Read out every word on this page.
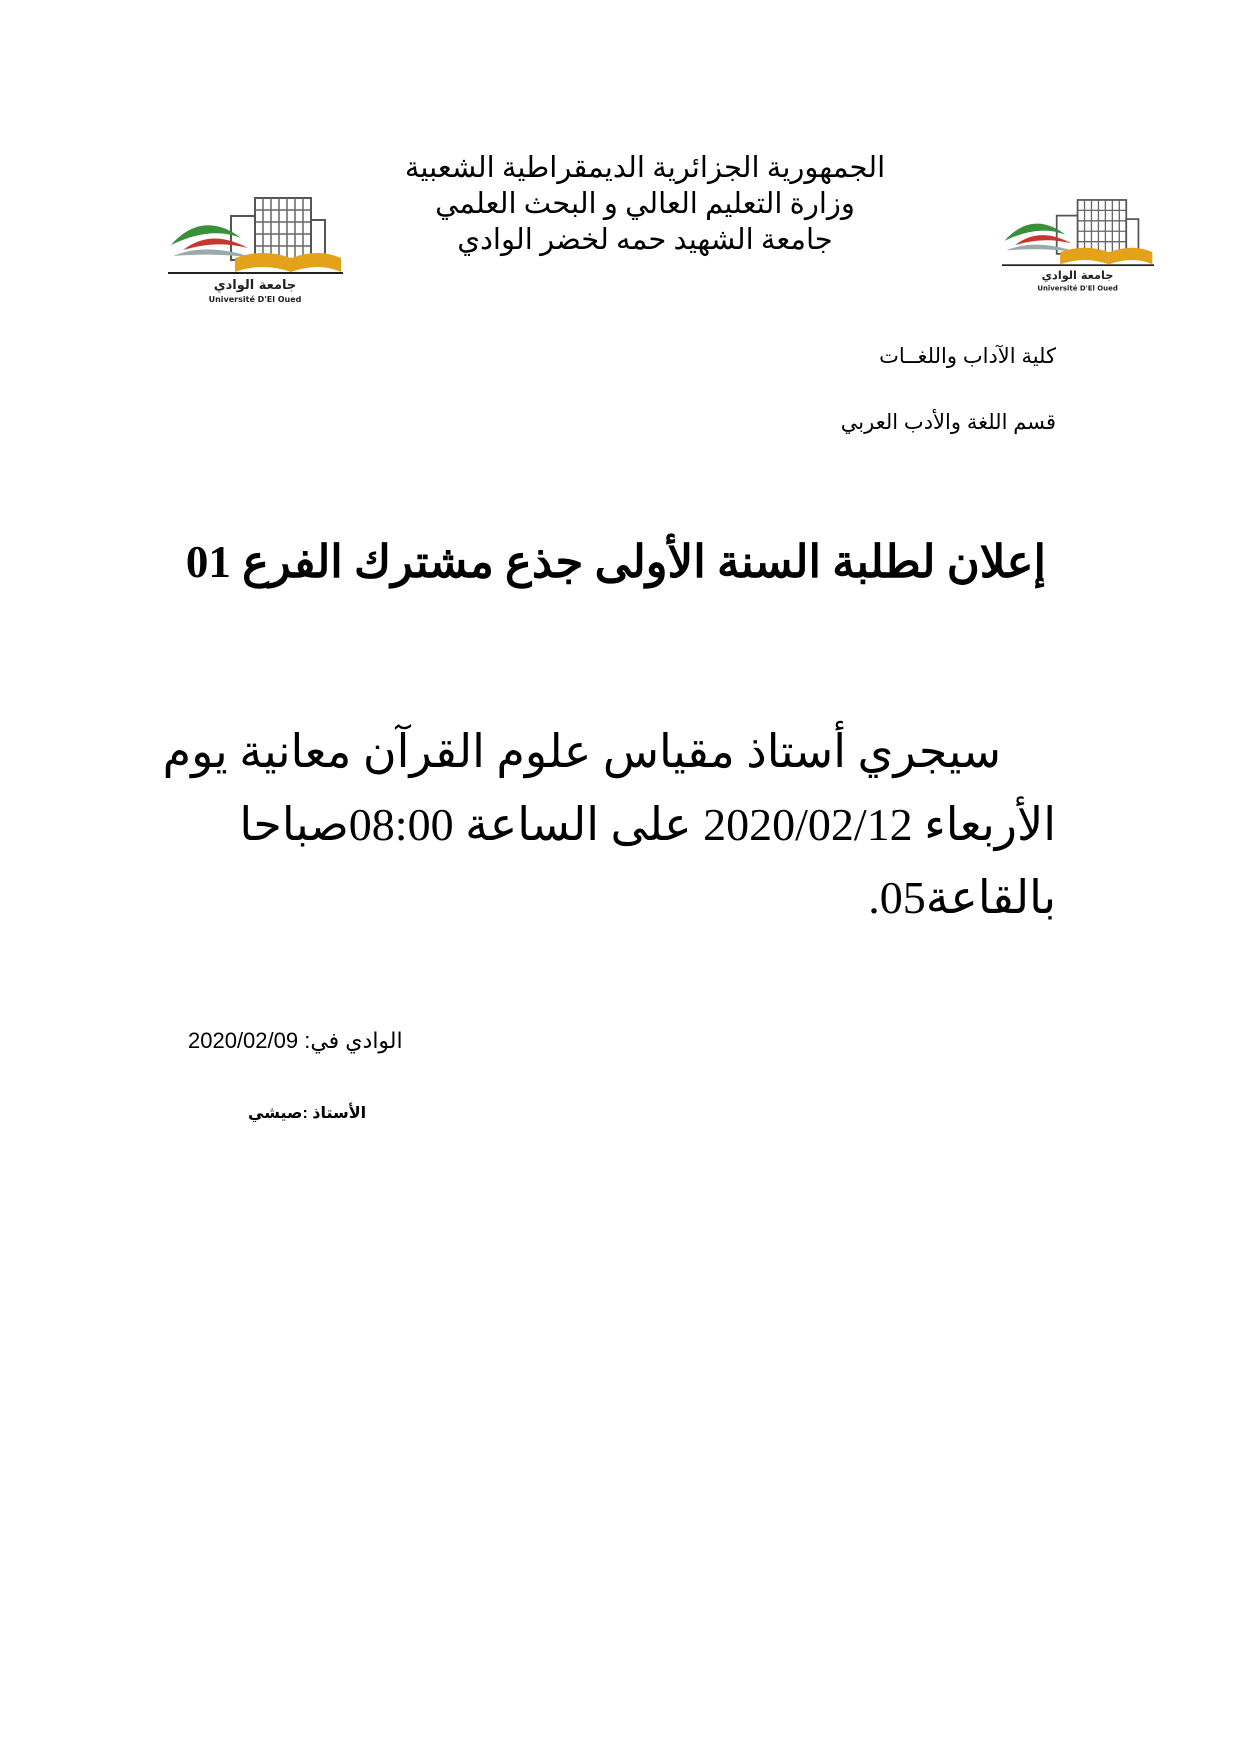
جامعة الوادي
Université D'El Oued
جامعة الوادي
Université D'El Oued
الجمهورية الجزائرية الديمقراطية الشعبية
وزارة التعليم العالي و البحث العلمي
جامعة الشهيد حمه لخضر الوادي
كلية الآداب واللغــات
قسم اللغة والأدب العربي
إعلان لطلبة السنة الأولى جذع مشترك الفرع 01
سيجري أستاذ مقياس علوم القرآن معانية يوم
الأربعاء 2020/02/12 على الساعة 08:00صباحا
بالقاعة05.
الوادي في: 2020/02/09
الأستاذ :صيشي
